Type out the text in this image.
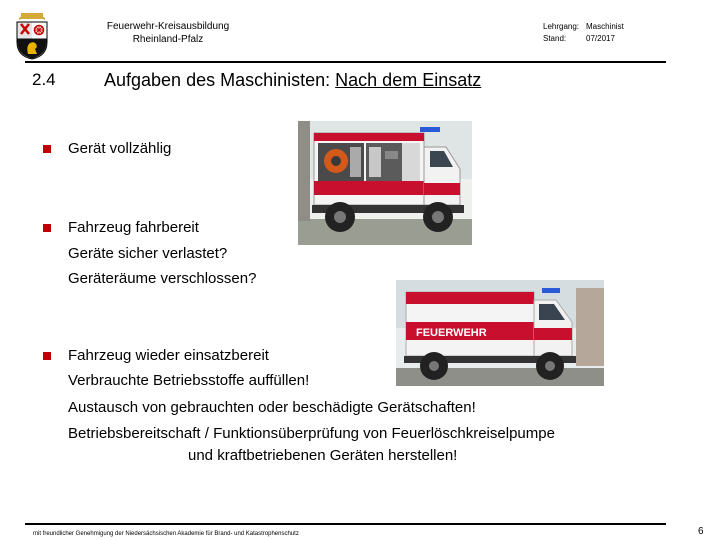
Feuerwehr-Kreisausbildung
Rheinland-Pfalz
Lehrgang: Maschinist
Stand: 07/2017
2.4	Aufgaben des Maschinisten: Nach dem Einsatz
FEUERWEHR
Gerät vollzählig
Fahrzeug fahrbereit
Geräte sicher verlastet?
Geräteräume verschlossen?
Fahrzeug wieder einsatzbereit
Verbrauchte Betriebsstoffe auffüllen!
Austausch von gebrauchten oder beschädigte Gerätschaften!
Betriebsbereitschaft / Funktionsüberprüfung von Feuerlöschkreiselpumpe
und kraftbetriebenen Geräten herstellen!
mit freundlicher Genehmigung der Niedersächsischen Akademie für Brand- und Katastrophenschutz	6
